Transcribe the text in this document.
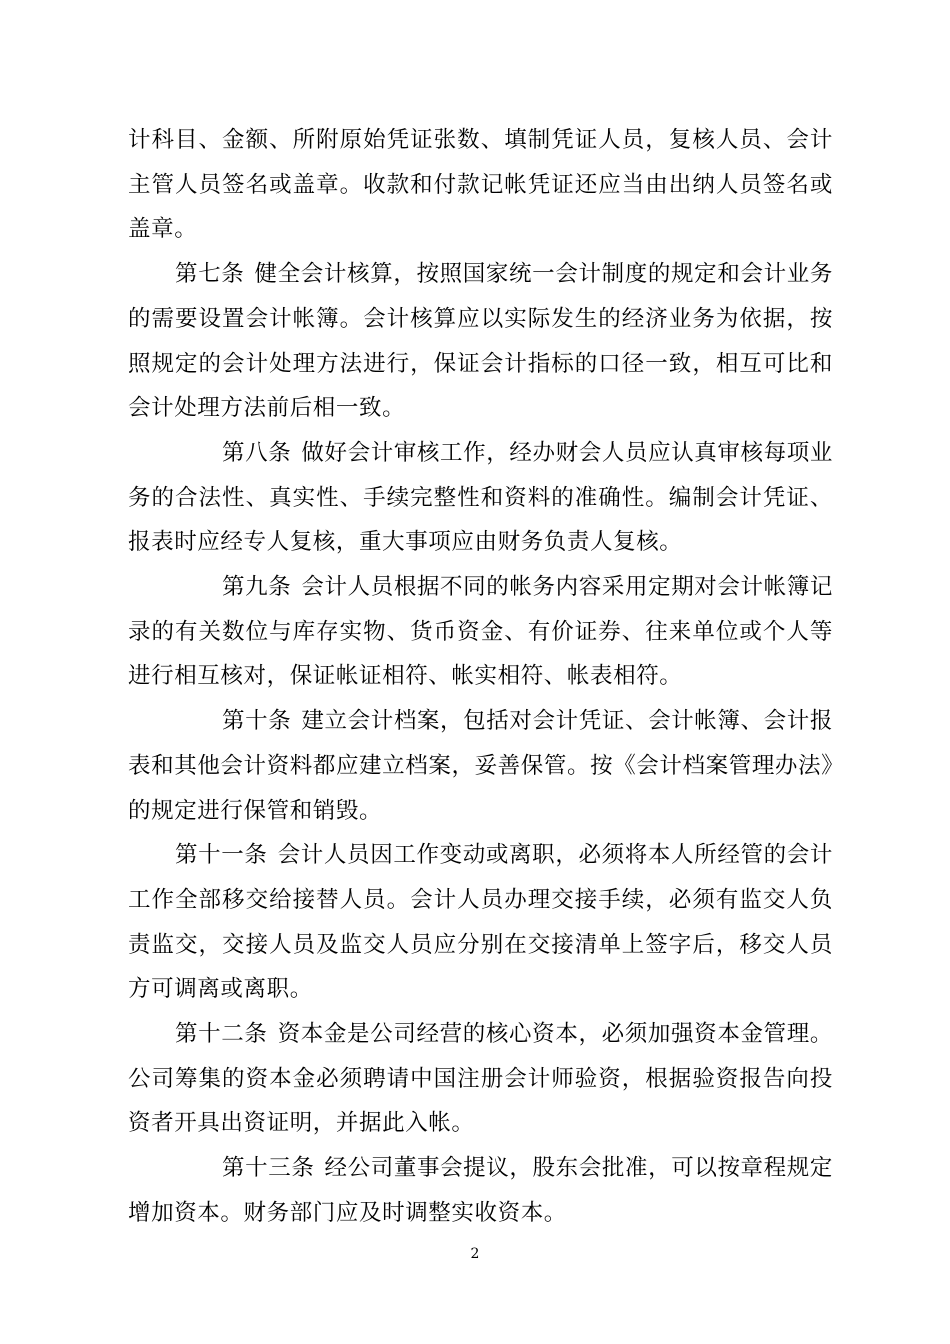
计科目、金额、所附原始凭证张数、填制凭证人员，复核人员、会计主管人员签名或盖章。收款和付款记帐凭证还应当由出纳人员签名或盖章。

第七条 健全会计核算，按照国家统一会计制度的规定和会计业务的需要设置会计帐簿。会计核算应以实际发生的经济业务为依据，按照规定的会计处理方法进行，保证会计指标的口径一致，相互可比和会计处理方法前后相一致。

第八条 做好会计审核工作，经办财会人员应认真审核每项业务的合法性、真实性、手续完整性和资料的准确性。编制会计凭证、报表时应经专人复核，重大事项应由财务负责人复核。

第九条 会计人员根据不同的帐务内容采用定期对会计帐簿记录的有关数位与库存实物、货币资金、有价证券、往来单位或个人等进行相互核对，保证帐证相符、帐实相符、帐表相符。

第十条 建立会计档案，包括对会计凭证、会计帐簿、会计报表和其他会计资料都应建立档案，妥善保管。按《会计档案管理办法》的规定进行保管和销毁。

第十一条 会计人员因工作变动或离职，必须将本人所经管的会计工作全部移交给接替人员。会计人员办理交接手续，必须有监交人负责监交，交接人员及监交人员应分别在交接清单上签字后，移交人员方可调离或离职。

第十二条 资本金是公司经营的核心资本，必须加强资本金管理。公司筹集的资本金必须聘请中国注册会计师验资，根据验资报告向投资者开具出资证明，并据此入帐。

第十三条 经公司董事会提议，股东会批准，可以按章程规定增加资本。财务部门应及时调整实收资本。

2
